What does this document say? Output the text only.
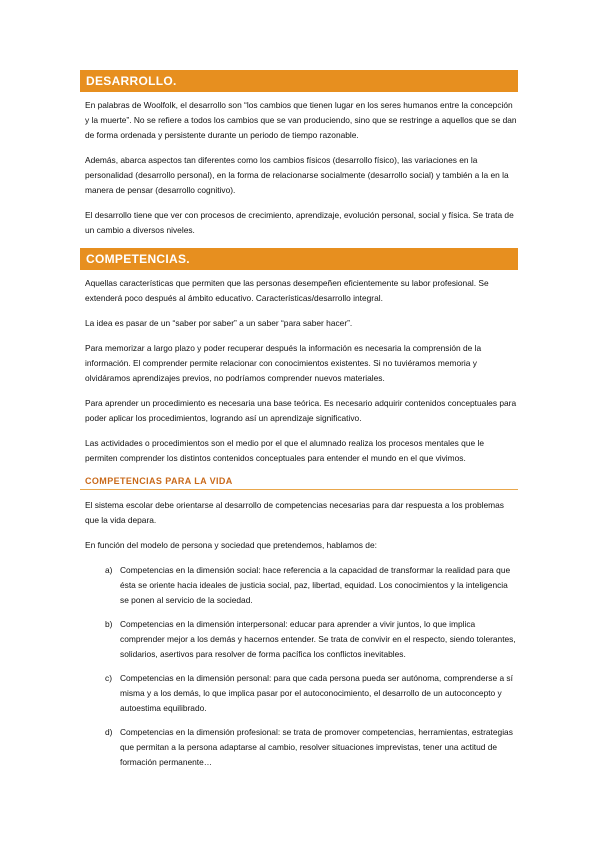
DESARROLLO.

En palabras de Woolfolk, el desarrollo son “los cambios que tienen lugar en los seres humanos entre la concepción y la muerte”. No se refiere a todos los cambios que se van produciendo, sino que se restringe a aquellos que se dan de forma ordenada y persistente durante un periodo de tiempo razonable.

Además, abarca aspectos tan diferentes como los cambios físicos (desarrollo físico), las variaciones en la personalidad (desarrollo personal), en la forma de relacionarse socialmente (desarrollo social) y también a la en la manera de pensar (desarrollo cognitivo).

El desarrollo tiene que ver con procesos de crecimiento, aprendizaje, evolución personal, social y física. Se trata de un cambio a diversos niveles.

COMPETENCIAS.

Aquellas características que permiten que las personas desempeñen eficientemente su labor profesional. Se extenderá poco después al ámbito educativo. Características/desarrollo integral.

La idea es pasar de un “saber por saber” a un saber “para saber hacer”.

Para memorizar a largo plazo y poder recuperar después la información es necesaria la comprensión de la información. El comprender permite relacionar con conocimientos existentes. Si no tuviéramos memoria y olvidáramos aprendizajes previos, no podríamos comprender nuevos materiales.

Para aprender un procedimiento es necesaria una base teórica. Es necesario adquirir contenidos conceptuales para poder aplicar los procedimientos, logrando así un aprendizaje significativo.

Las actividades o procedimientos son el medio por el que el alumnado realiza los procesos mentales que le permiten comprender los distintos contenidos conceptuales para entender el mundo en el que vivimos.

COMPETENCIAS PARA LA VIDA

El sistema escolar debe orientarse al desarrollo de competencias necesarias para dar respuesta a los problemas que la vida depara.

En función del modelo de persona y sociedad que pretendemos, hablamos de:

a) Competencias en la dimensión social: hace referencia a la capacidad de transformar la realidad para que ésta se oriente hacia ideales de justicia social, paz, libertad, equidad. Los conocimientos y la inteligencia se ponen al servicio de la sociedad.
b) Competencias en la dimensión interpersonal: educar para aprender a vivir juntos, lo que implica comprender mejor a los demás y hacernos entender. Se trata de convivir en el respecto, siendo tolerantes, solidarios, asertivos para resolver de forma pacífica los conflictos inevitables.
c) Competencias en la dimensión personal: para que cada persona pueda ser autónoma, comprenderse a sí misma y a los demás, lo que implica pasar por el autoconocimiento, el desarrollo de un autoconcepto y autoestima equilibrado.
d) Competencias en la dimensión profesional: se trata de promover competencias, herramientas, estrategias que permitan a la persona adaptarse al cambio, resolver situaciones imprevistas, tener una actitud de formación permanente…
